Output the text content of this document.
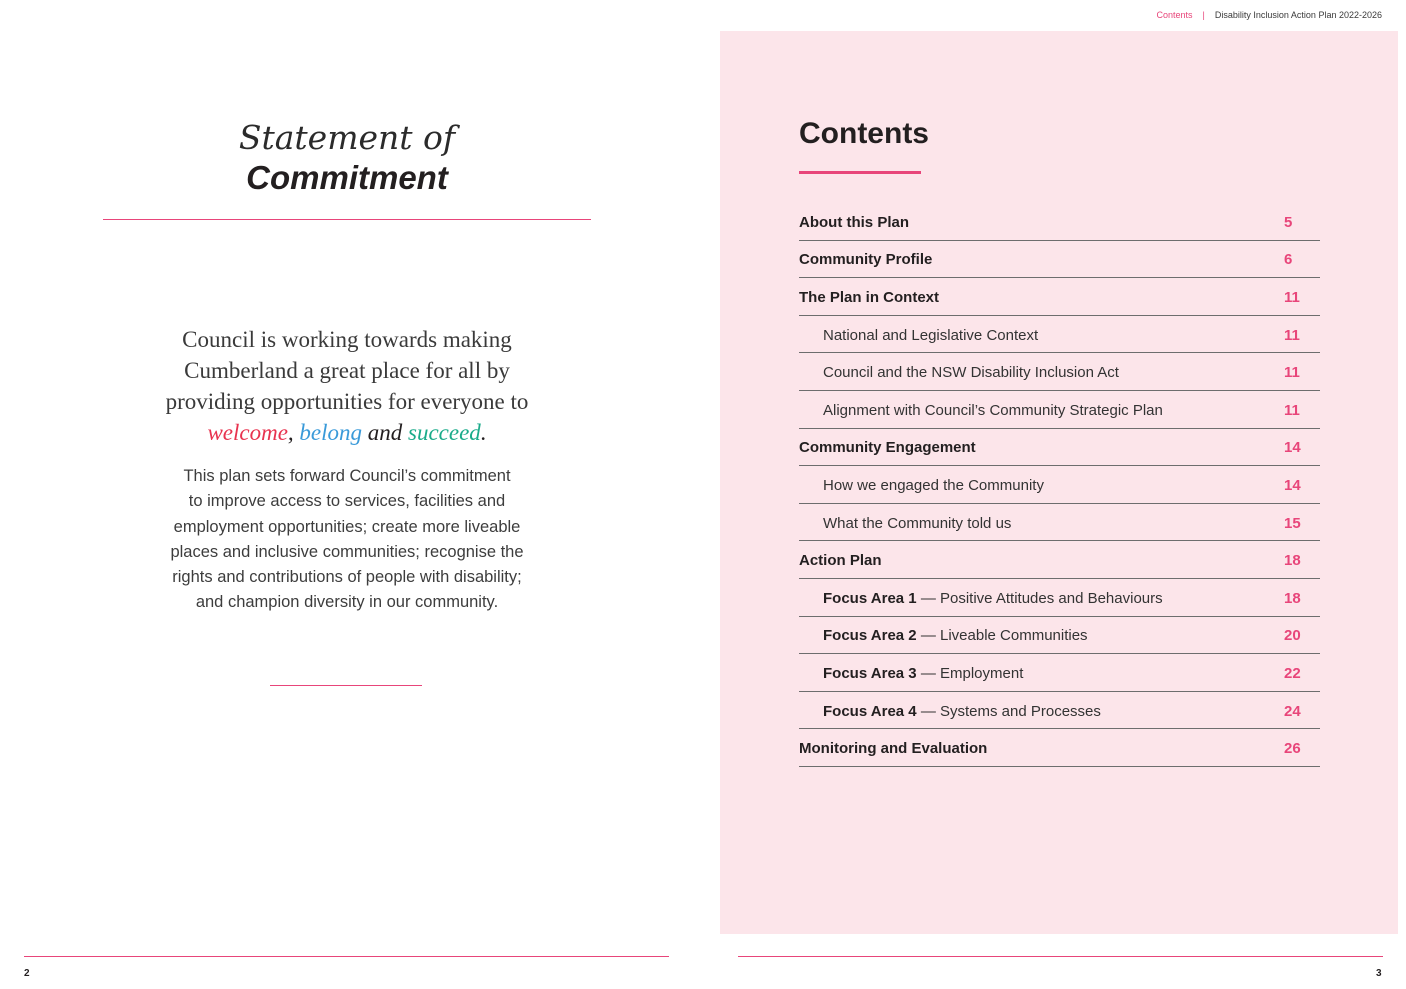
Contents | Disability Inclusion Action Plan 2022-2026
Statement of
Commitment
Council is working towards making
Cumberland a great place for all by
providing opportunities for everyone to
welcome, belong and succeed.
This plan sets forward Council’s commitment
to improve access to services, facilities and
employment opportunities; create more liveable
places and inclusive communities; recognise the
rights and contributions of people with disability;
and champion diversity in our community.
Contents
About this Plan	5
Community Profile	6
The Plan in Context	11
National and Legislative Context	11
Council and the NSW Disability Inclusion Act	11
Alignment with Council’s Community Strategic Plan	11
Community Engagement	14
How we engaged the Community	14
What the Community told us	15
Action Plan	18
Focus Area 1 — Positive Attitudes and Behaviours	18
Focus Area 2 — Liveable Communities	20
Focus Area 3 — Employment	22
Focus Area 4 — Systems and Processes	24
Monitoring and Evaluation	26
2	3
